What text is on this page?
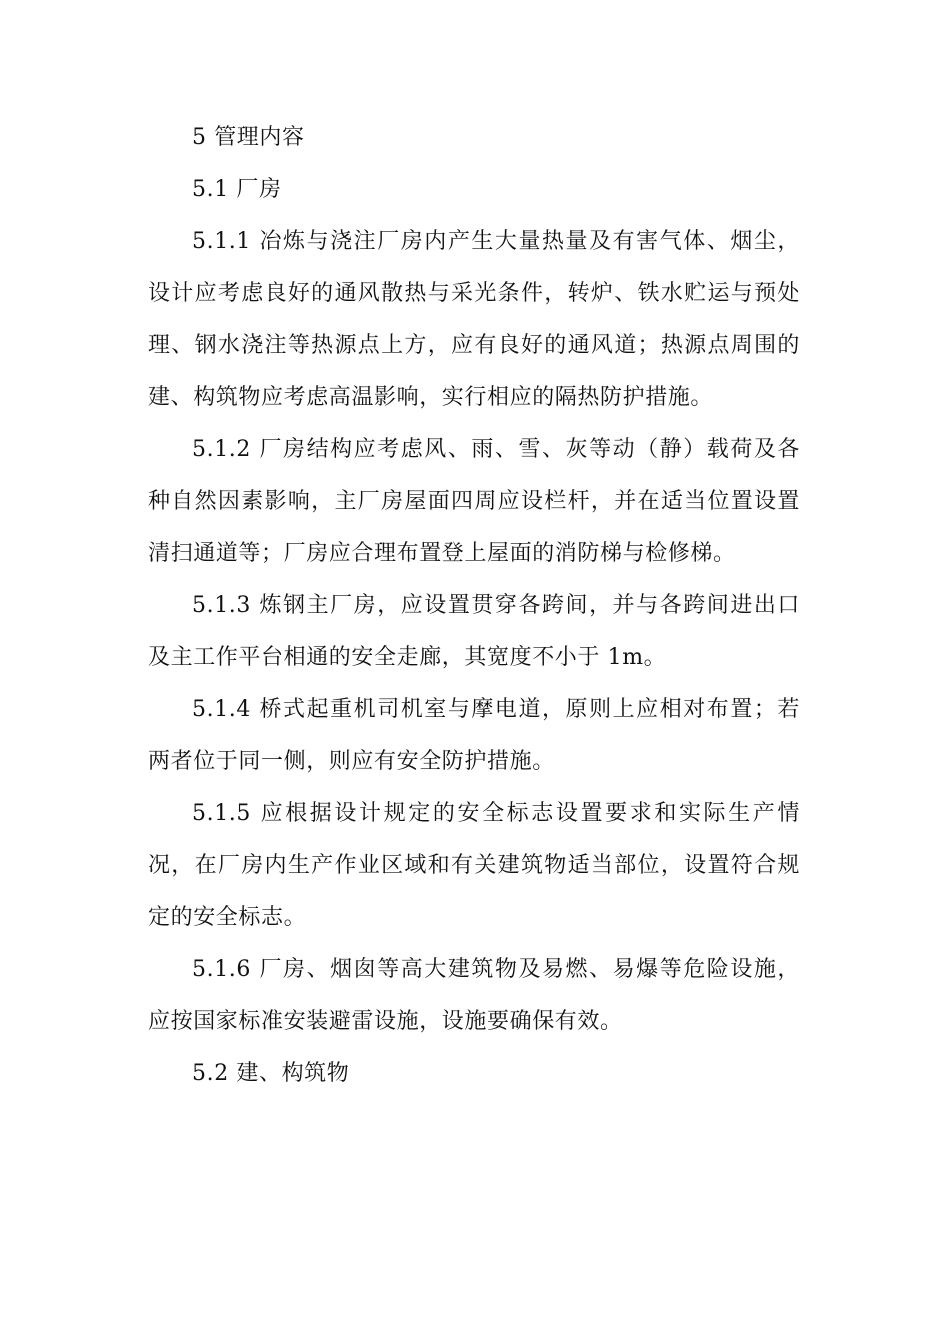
5 管理内容

5.1 厂房

5.1.1 冶炼与浇注厂房内产生大量热量及有害气体、烟尘，设计应考虑良好的通风散热与采光条件，转炉、铁水贮运与预处理、钢水浇注等热源点上方，应有良好的通风道；热源点周围的建、构筑物应考虑高温影响，实行相应的隔热防护措施。

5.1.2 厂房结构应考虑风、雨、雪、灰等动（静）载荷及各种自然因素影响，主厂房屋面四周应设栏杆，并在适当位置设置清扫通道等；厂房应合理布置登上屋面的消防梯与检修梯。

5.1.3 炼钢主厂房，应设置贯穿各跨间，并与各跨间进出口及主工作平台相通的安全走廊，其宽度不小于 1m。

5.1.4 桥式起重机司机室与摩电道，原则上应相对布置；若两者位于同一侧，则应有安全防护措施。

5.1.5 应根据设计规定的安全标志设置要求和实际生产情况，在厂房内生产作业区域和有关建筑物适当部位，设置符合规定的安全标志。

5.1.6 厂房、烟囱等高大建筑物及易燃、易爆等危险设施，应按国家标准安装避雷设施，设施要确保有效。

5.2 建、构筑物
